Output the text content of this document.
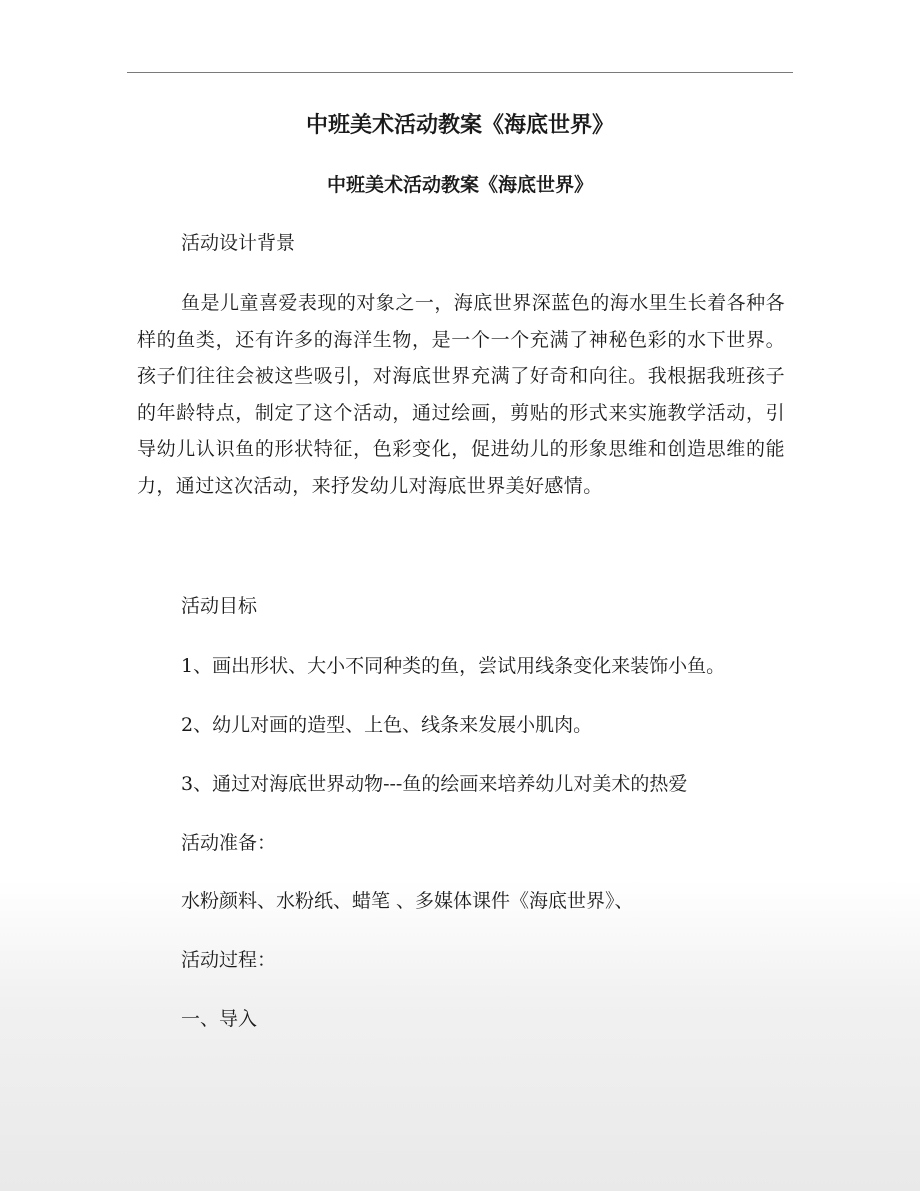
中班美术活动教案《海底世界》
中班美术活动教案《海底世界》
活动设计背景

鱼是儿童喜爱表现的对象之一，海底世界深蓝色的海水里生长着各种各样的鱼类，还有许多的海洋生物，是一个一个充满了神秘色彩的水下世界。孩子们往往会被这些吸引，对海底世界充满了好奇和向往。我根据我班孩子的年龄特点，制定了这个活动，通过绘画，剪贴的形式来实施教学活动，引导幼儿认识鱼的形状特征，色彩变化，促进幼儿的形象思维和创造思维的能力，通过这次活动，来抒发幼儿对海底世界美好感情。

活动目标
1、画出形状、大小不同种类的鱼，尝试用线条变化来装饰小鱼。
2、幼儿对画的造型、上色、线条来发展小肌肉。
3、通过对海底世界动物---鱼的绘画来培养幼儿对美术的热爱
活动准备：
水粉颜料、水粉纸、蜡笔 、多媒体课件《海底世界》、
活动过程：
一、导入
